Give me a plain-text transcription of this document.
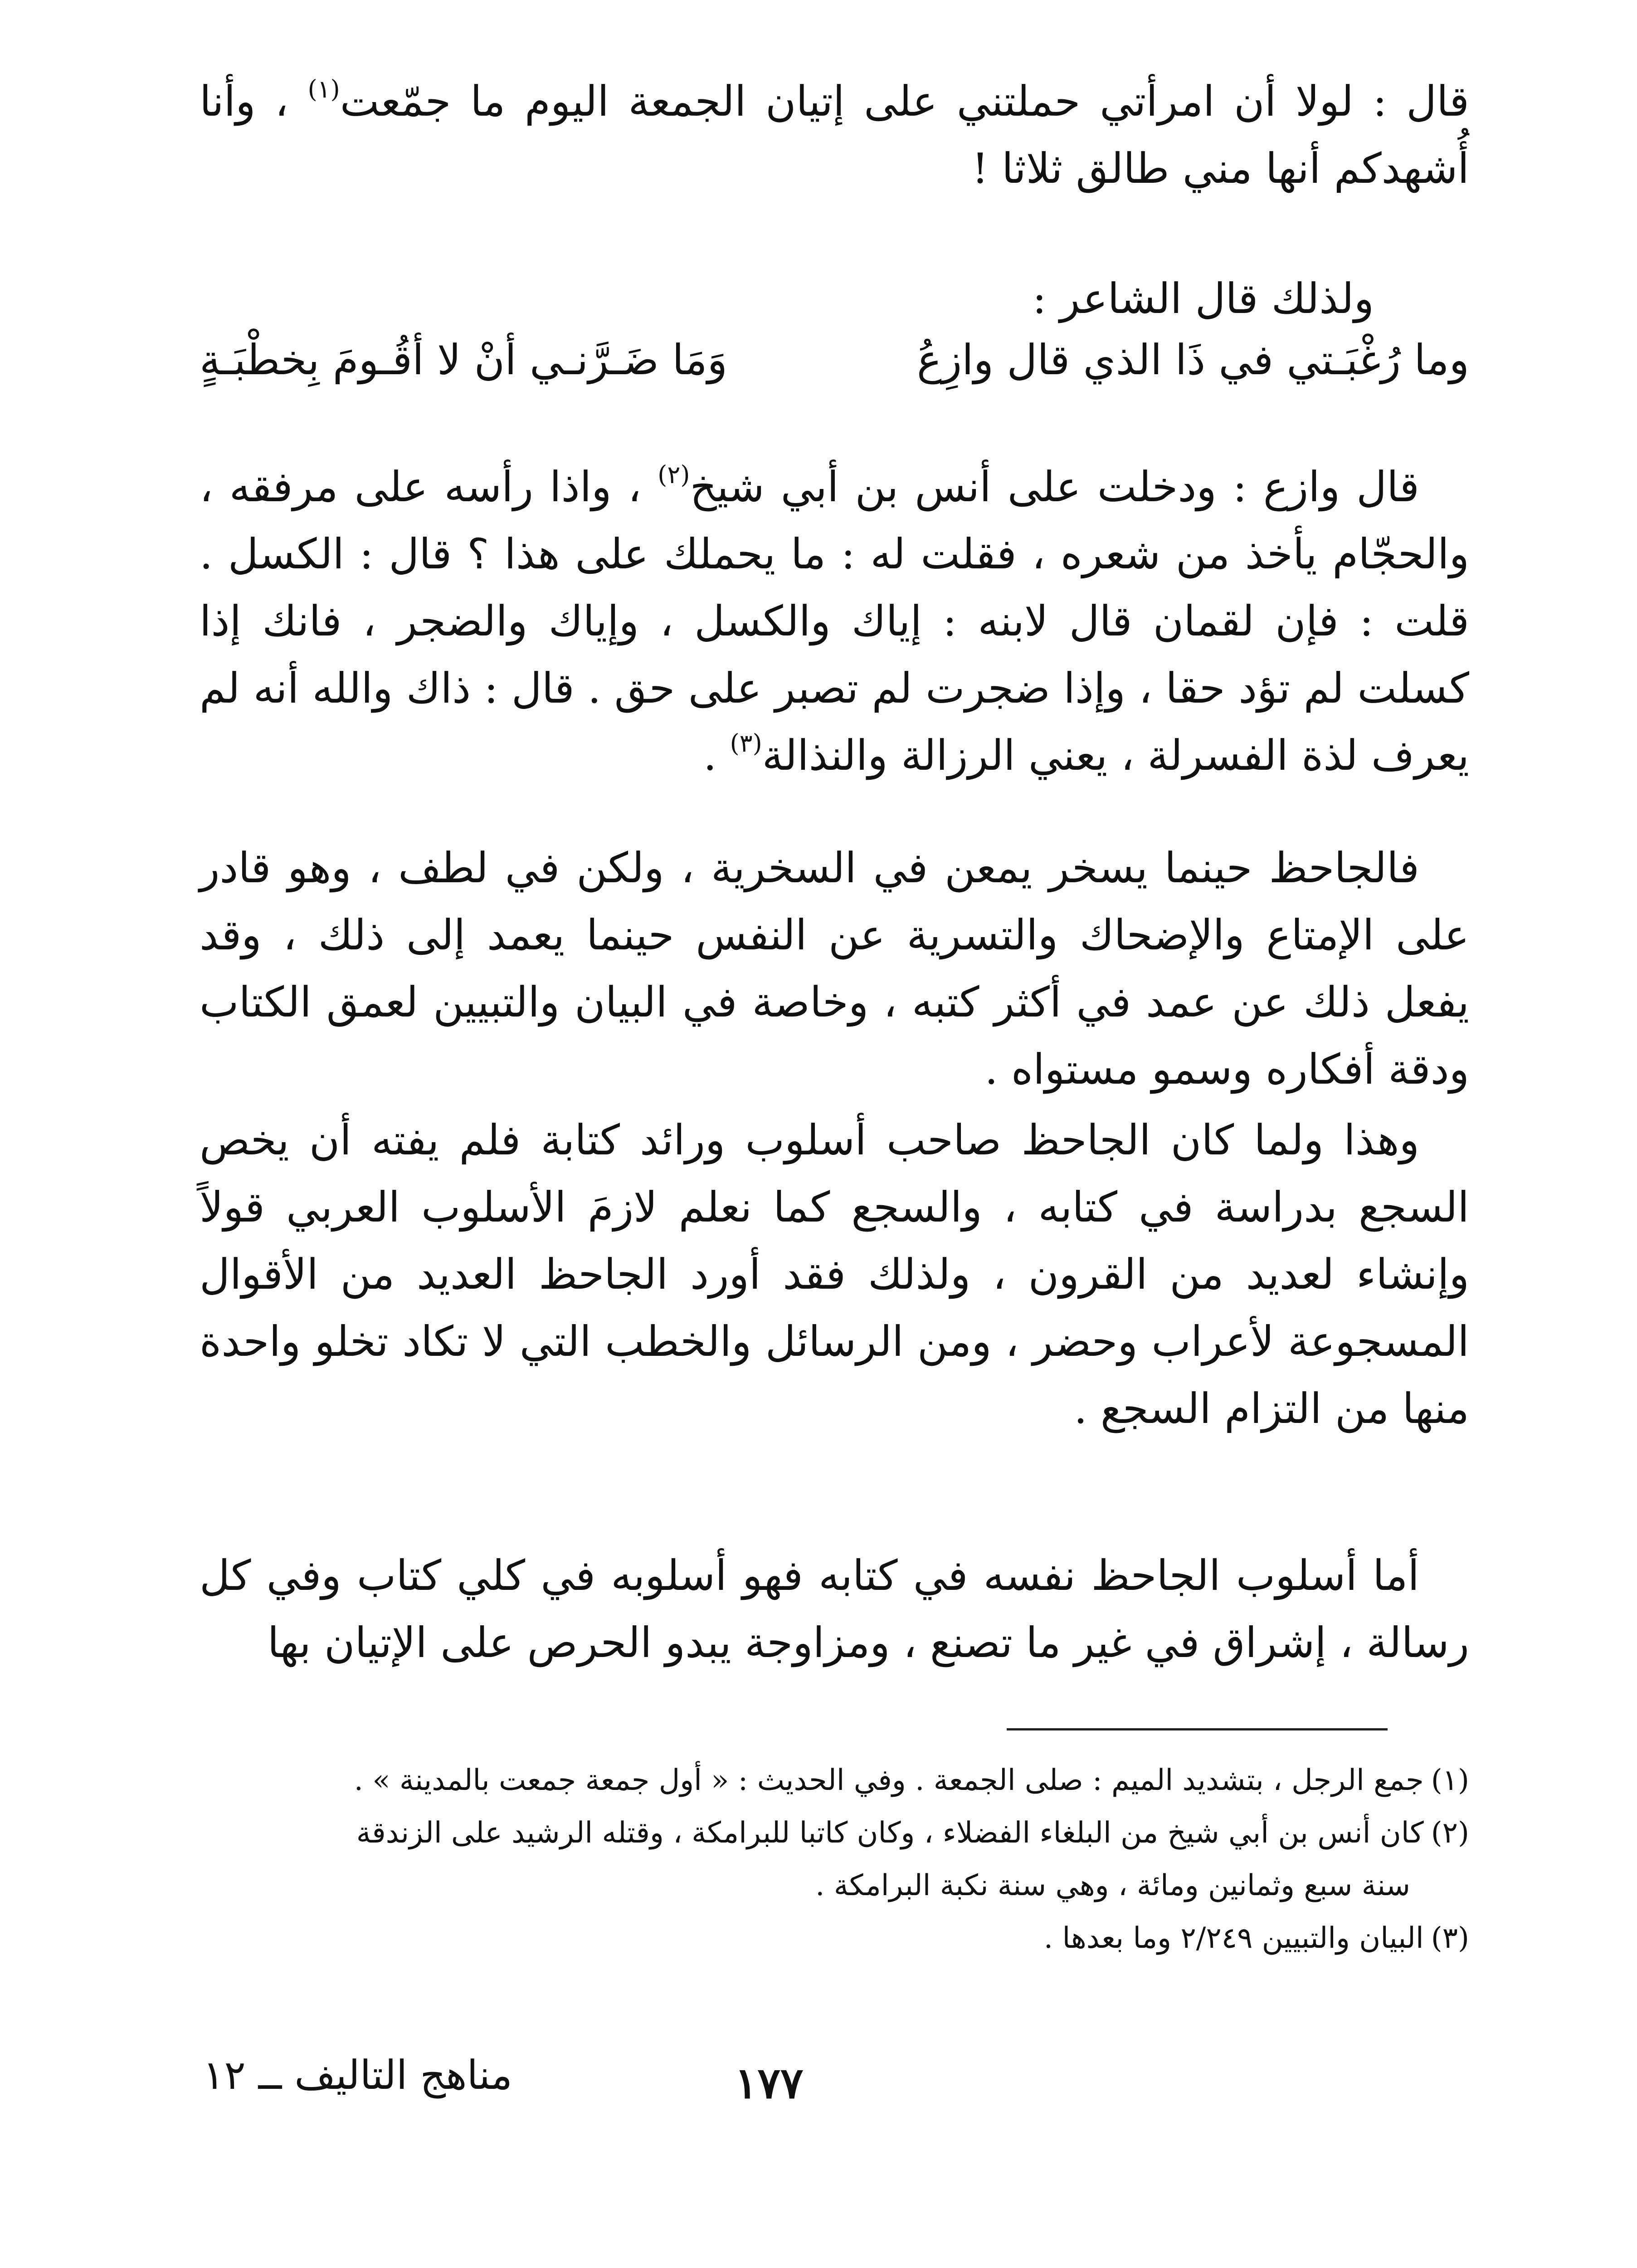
قال : لولا أن امرأتي حملتني على إتيان الجمعة اليوم ما جمّعت$^{(١)}$ ، وأنا أُشهدكم أنها مني طالق ثلاثا !

ولذلك قال الشاعر :
وما رُغْبَـتي في ذَا الذي قال وازِعُ
وَمَا ضَـرَّنـي أنْ لا أقُـومَ بِخطْبَـةٍ

قال وازع : ودخلت على أنس بن أبي شيخ$^{(٢)}$ ، واذا رأسه على مرفقه ، والحجّام يأخذ من شعره ، فقلت له : ما يحملك على هذا ؟ قال : الكسل . قلت : فإن لقمان قال لابنه : إياك والكسل ، وإياك والضجر ، فانك إذا كسلت لم تؤد حقا ، وإذا ضجرت لم تصبر على حق . قال : ذاك والله أنه لم يعرف لذة الفسرلة ، يعني الرزالة والنذالة$^{(٣)}$ .

فالجاحظ حينما يسخر يمعن في السخرية ، ولكن في لطف ، وهو قادر على الإمتاع والإضحاك والتسرية عن النفس حينما يعمد إلى ذلك ، وقد يفعل ذلك عن عمد في أكثر كتبه ، وخاصة في البيان والتبيين لعمق الكتاب ودقة أفكاره وسمو مستواه .

وهذا ولما كان الجاحظ صاحب أسلوب ورائد كتابة فلم يفته أن يخص السجع بدراسة في كتابه ، والسجع كما نعلم لازمَ الأسلوب العربي قولاً وإنشاء لعديد من القرون ، ولذلك فقد أورد الجاحظ العديد من الأقوال المسجوعة لأعراب وحضر ، ومن الرسائل والخطب التي لا تكاد تخلو واحدة منها من التزام السجع .

أما أسلوب الجاحظ نفسه في كتابه فهو أسلوبه في كلي كتاب وفي كل رسالة ، إشراق في غير ما تصنع ، ومزاوجة يبدو الحرص على الإتيان بها

(١)جمع الرجل ، بتشديد الميم : صلى الجمعة . وفي الحديث : « أول جمعة جمعت بالمدينة » .

(٢)كان أنس بن أبي شيخ من البلغاء الفضلاء ، وكان كاتبا للبرامكة ، وقتله الرشيد على الزندقة

سنة سبع وثمانين ومائة ، وهي سنة نكبة البرامكة .

(٣)البيان والتبيين ٢/٢٤٩ وما بعدها .

مناهج التاليف ــ ١٢	١٧٧
